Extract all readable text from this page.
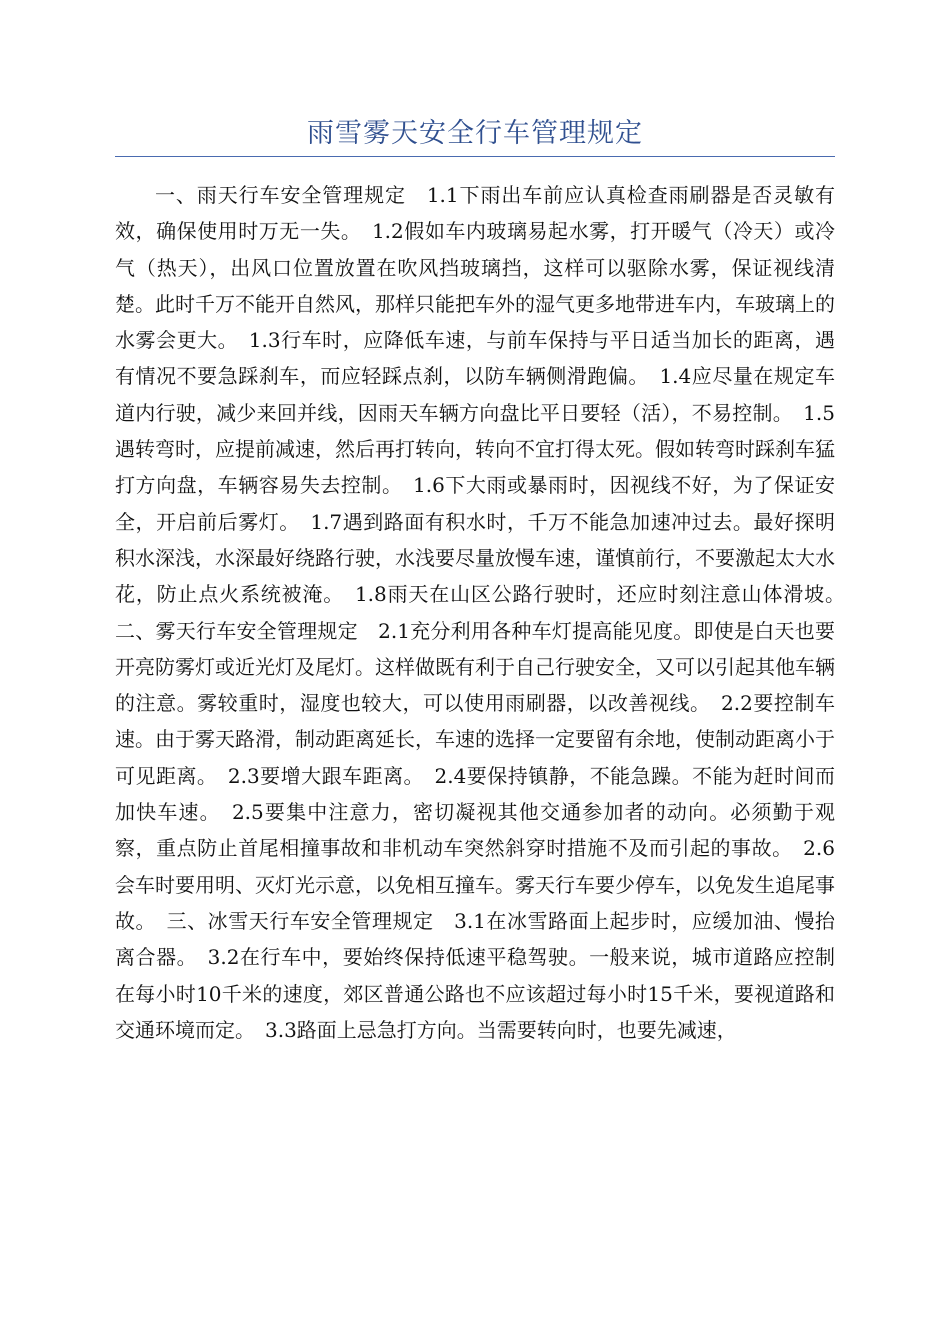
雨雪雾天安全行车管理规定

一、雨天行车安全管理规定　1.1下雨出车前应认真检查雨刷器是否灵敏有效，确保使用时万无一失。　1.2假如车内玻璃易起水雾，打开暖气（冷天）或冷气（热天），出风口位置放置在吹风挡玻璃挡，这样可以驱除水雾，保证视线清楚。此时千万不能开自然风，那样只能把车外的湿气更多地带进车内，车玻璃上的水雾会更大。　1.3行车时，应降低车速，与前车保持与平日适当加长的距离，遇有情况不要急踩刹车，而应轻踩点刹，以防车辆侧滑跑偏。　1.4应尽量在规定车道内行驶，减少来回并线，因雨天车辆方向盘比平日要轻（活），不易控制。　1.5遇转弯时，应提前减速，然后再打转向，转向不宜打得太死。假如转弯时踩刹车猛打方向盘，车辆容易失去控制。　1.6下大雨或暴雨时，因视线不好，为了保证安全，开启前后雾灯。　1.7遇到路面有积水时，千万不能急加速冲过去。最好探明积水深浅，水深最好绕路行驶，水浅要尽量放慢车速，谨慎前行，不要激起太大水花，防止点火系统被淹。　1.8雨天在山区公路行驶时，还应时刻注意山体滑坡。　二、雾天行车安全管理规定　2.1充分利用各种车灯提高能见度。即使是白天也要开亮防雾灯或近光灯及尾灯。这样做既有利于自己行驶安全，又可以引起其他车辆的注意。雾较重时，湿度也较大，可以使用雨刷器，以改善视线。　2.2要控制车速。由于雾天路滑，制动距离延长，车速的选择一定要留有余地，使制动距离小于可见距离。　2.3要增大跟车距离。　2.4要保持镇静，不能急躁。不能为赶时间而加快车速。　2.5要集中注意力，密切凝视其他交通参加者的动向。必须勤于观察，重点防止首尾相撞事故和非机动车突然斜穿时措施不及而引起的事故。　2.6会车时要用明、灭灯光示意，以免相互撞车。雾天行车要少停车，以免发生追尾事故。　三、冰雪天行车安全管理规定　3.1在冰雪路面上起步时，应缓加油、慢抬离合器。　3.2在行车中，要始终保持低速平稳驾驶。一般来说，城市道路应控制在每小时10千米的速度，郊区普通公路也不应该超过每小时15千米，要视道路和交通环境而定。　3.3路面上忌急打方向。当需要转向时，也要先减速，
